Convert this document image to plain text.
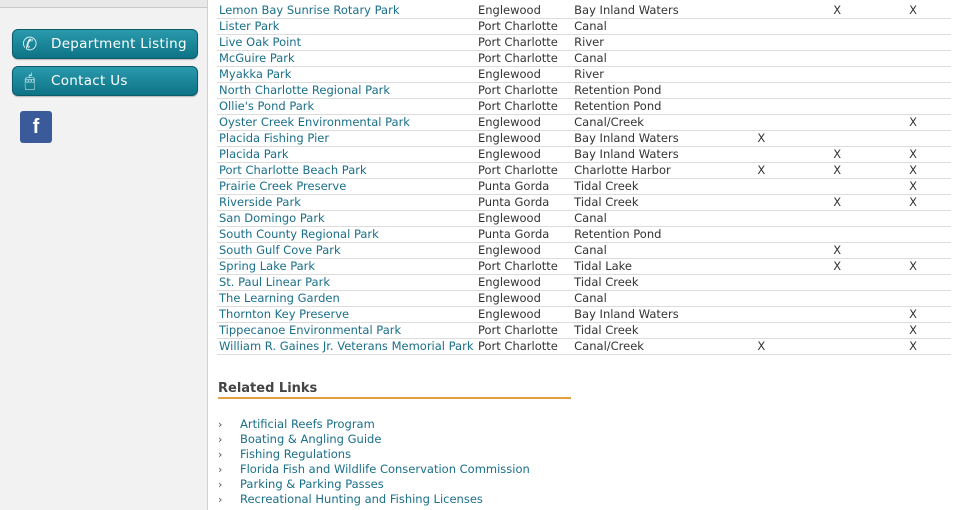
✆ Department Listing
🖱	Contact Us
f
Lemon Bay Sunrise Rotary Park	Englewood	Bay Inland Waters		X	X
Lister Park	Port Charlotte	Canal			
Live Oak Point	Port Charlotte	River			
McGuire Park	Port Charlotte	Canal			
Myakka Park	Englewood	River			
North Charlotte Regional Park	Port Charlotte	Retention Pond			
Ollie's Pond Park	Port Charlotte	Retention Pond			
Oyster Creek Environmental Park	Englewood	Canal/Creek			X
Placida Fishing Pier	Englewood	Bay Inland Waters	X		
Placida Park	Englewood	Bay Inland Waters		X	X
Port Charlotte Beach Park	Port Charlotte	Charlotte Harbor	X	X	X
Prairie Creek Preserve	Punta Gorda	Tidal Creek			X
Riverside Park	Punta Gorda	Tidal Creek		X	X
San Domingo Park	Englewood	Canal			
South County Regional Park	Punta Gorda	Retention Pond			
South Gulf Cove Park	Englewood	Canal		X	
Spring Lake Park	Port Charlotte	Tidal Lake		X	X
St. Paul Linear Park	Englewood	Tidal Creek			
The Learning Garden	Englewood	Canal			
Thornton Key Preserve	Englewood	Bay Inland Waters			X
Tippecanoe Environmental Park	Port Charlotte	Tidal Creek			X
William R. Gaines Jr. Veterans Memorial Park	Port Charlotte	Canal/Creek	X		X
Related Links
› Artificial Reefs Program
› Boating & Angling Guide
› Fishing Regulations
› Florida Fish and Wildlife Conservation Commission
› Parking & Parking Passes
› Recreational Hunting and Fishing Licenses
